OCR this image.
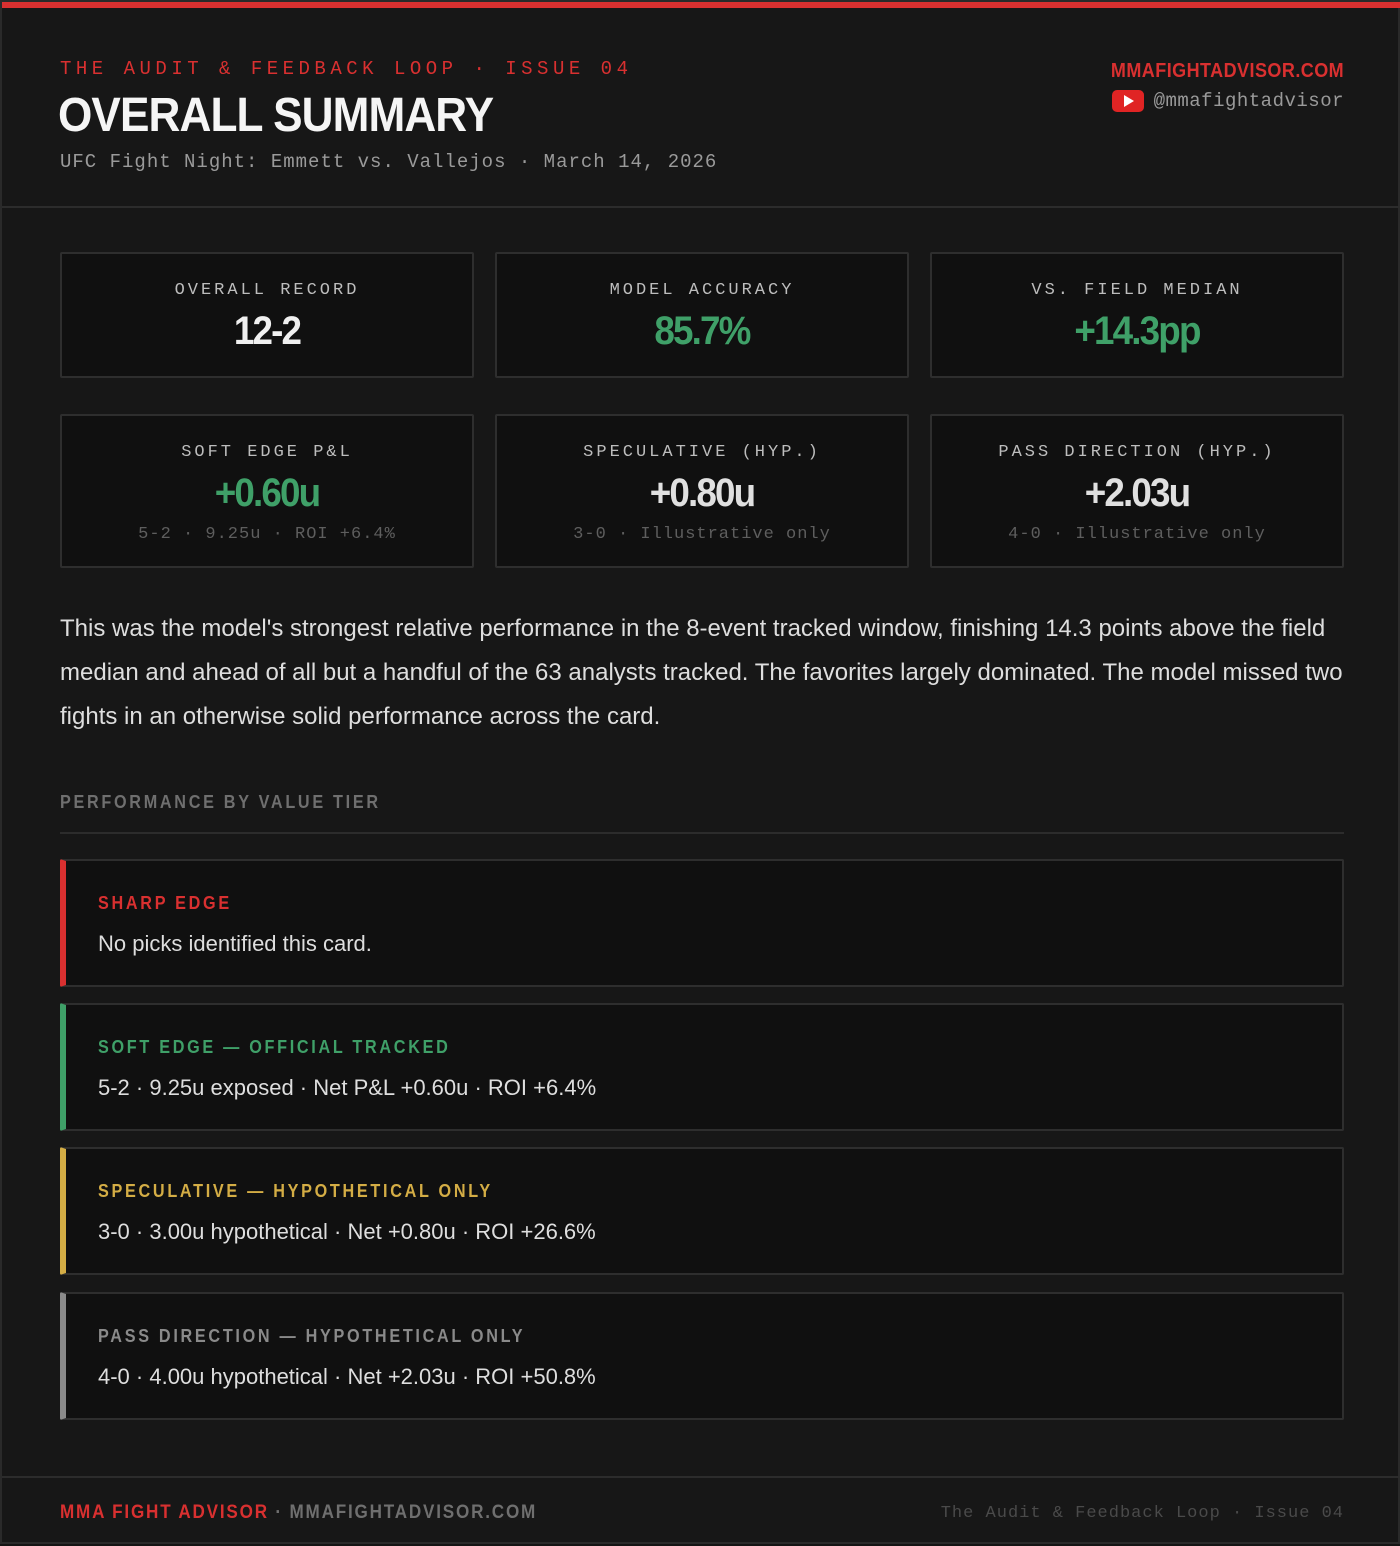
THE AUDIT & FEEDBACK LOOP · ISSUE 04
OVERALL SUMMARY
UFC Fight Night: Emmett vs. Vallejos · March 14, 2026
MMAFIGHTADVISOR.COM
@mmafightadvisor
OVERALL RECORD
12-2
MODEL ACCURACY
85.7%
VS. FIELD MEDIAN
+14.3pp
SOFT EDGE P&L
+0.60u
5-2 · 9.25u · ROI +6.4%
SPECULATIVE (HYP.)
+0.80u
3-0 · Illustrative only
PASS DIRECTION (HYP.)
+2.03u
4-0 · Illustrative only

This was the model's strongest relative performance in the 8-event tracked window, finishing 14.3 points above the field median and ahead of all but a handful of the 63 analysts tracked. The favorites largely dominated. The model missed two fights in an otherwise solid performance across the card.

PERFORMANCE BY VALUE TIER
SHARP EDGE
No picks identified this card.
SOFT EDGE — OFFICIAL TRACKED
5-2 · 9.25u exposed · Net P&L +0.60u · ROI +6.4%
SPECULATIVE — HYPOTHETICAL ONLY
3-0 · 3.00u hypothetical · Net +0.80u · ROI +26.6%
PASS DIRECTION — HYPOTHETICAL ONLY
4-0 · 4.00u hypothetical · Net +2.03u · ROI +50.8%
MMA FIGHT ADVISOR · MMAFIGHTADVISOR.COM	The Audit & Feedback Loop · Issue 04
